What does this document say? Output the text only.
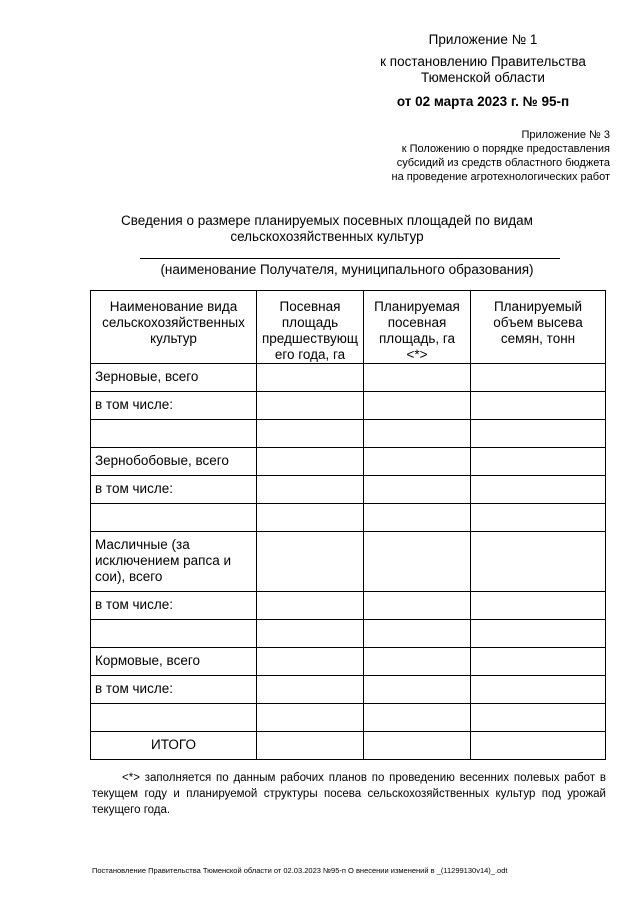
Приложение № 1
к постановлению Правительства
Тюменской области
от 02 марта 2023 г. № 95-п
Приложение № 3
к Положению о порядке предоставления
субсидий из средств областного бюджета
на проведение агротехнологических работ
Сведения о размере планируемых посевных площадей по видам
сельскохозяйственных культур
(наименование Получателя, муниципального образования)
Наименование вида сельскохозяйственных культур	Посевная площадь предшествующ его года, га	Планируемая посевная площадь, га <*>	Планируемый объем высева семян, тонн
Зерновые, всего			
в том числе:			

Зернобобовые, всего			
в том числе:			

Масличные (за исключением рапса и сои), всего			
в том числе:			

Кормовые, всего			
в том числе:			

ИТОГО			
<*> заполняется по данным рабочих планов по проведению весенних полевых работ в текущем году и планируемой структуры посева сельскохозяйственных культур под урожай текущего года.
Постановление Правительства Тюменской области от 02.03.2023 №95-п О внесении изменений в _(11299130v14)_.odt
